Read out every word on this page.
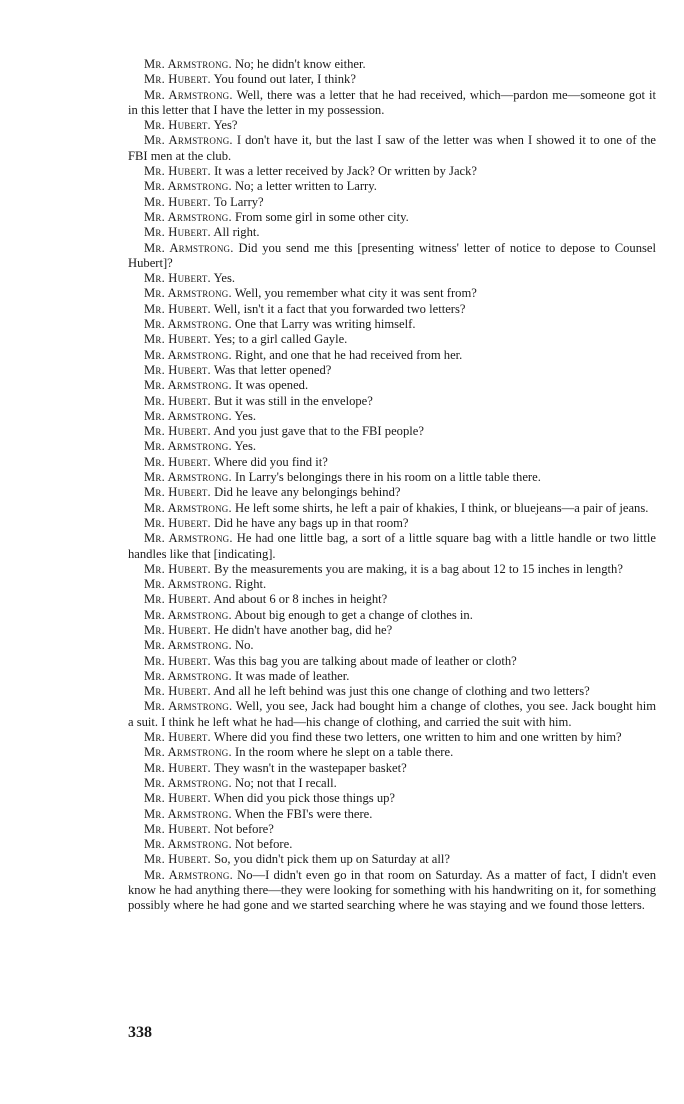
Mr. Armstrong. No; he didn't know either.

Mr. Hubert. You found out later, I think?

Mr. Armstrong. Well, there was a letter that he had received, which—pardon me—someone got it in this letter that I have the letter in my possession.

Mr. Hubert. Yes?

Mr. Armstrong. I don't have it, but the last I saw of the letter was when I showed it to one of the FBI men at the club.

Mr. Hubert. It was a letter received by Jack? Or written by Jack?

Mr. Armstrong. No; a letter written to Larry.

Mr. Hubert. To Larry?

Mr. Armstrong. From some girl in some other city.

Mr. Hubert. All right.

Mr. Armstrong. Did you send me this [presenting witness' letter of notice to depose to Counsel Hubert]?

Mr. Hubert. Yes.

Mr. Armstrong. Well, you remember what city it was sent from?

Mr. Hubert. Well, isn't it a fact that you forwarded two letters?

Mr. Armstrong. One that Larry was writing himself.

Mr. Hubert. Yes; to a girl called Gayle.

Mr. Armstrong. Right, and one that he had received from her.

Mr. Hubert. Was that letter opened?

Mr. Armstrong. It was opened.

Mr. Hubert. But it was still in the envelope?

Mr. Armstrong. Yes.

Mr. Hubert. And you just gave that to the FBI people?

Mr. Armstrong. Yes.

Mr. Hubert. Where did you find it?

Mr. Armstrong. In Larry's belongings there in his room on a little table there.

Mr. Hubert. Did he leave any belongings behind?

Mr. Armstrong. He left some shirts, he left a pair of khakies, I think, or bluejeans—a pair of jeans.

Mr. Hubert. Did he have any bags up in that room?

Mr. Armstrong. He had one little bag, a sort of a little square bag with a little handle or two little handles like that [indicating].

Mr. Hubert. By the measurements you are making, it is a bag about 12 to 15 inches in length?

Mr. Armstrong. Right.

Mr. Hubert. And about 6 or 8 inches in height?

Mr. Armstrong. About big enough to get a change of clothes in.

Mr. Hubert. He didn't have another bag, did he?

Mr. Armstrong. No.

Mr. Hubert. Was this bag you are talking about made of leather or cloth?

Mr. Armstrong. It was made of leather.

Mr. Hubert. And all he left behind was just this one change of clothing and two letters?

Mr. Armstrong. Well, you see, Jack had bought him a change of clothes, you see. Jack bought him a suit. I think he left what he had—his change of clothing, and carried the suit with him.

Mr. Hubert. Where did you find these two letters, one written to him and one written by him?

Mr. Armstrong. In the room where he slept on a table there.

Mr. Hubert. They wasn't in the wastepaper basket?

Mr. Armstrong. No; not that I recall.

Mr. Hubert. When did you pick those things up?

Mr. Armstrong. When the FBI's were there.

Mr. Hubert. Not before?

Mr. Armstrong. Not before.

Mr. Hubert. So, you didn't pick them up on Saturday at all?

Mr. Armstrong. No—I didn't even go in that room on Saturday. As a matter of fact, I didn't even know he had anything there—they were looking for something with his handwriting on it, for something possibly where he had gone and we started searching where he was staying and we found those letters.

338
